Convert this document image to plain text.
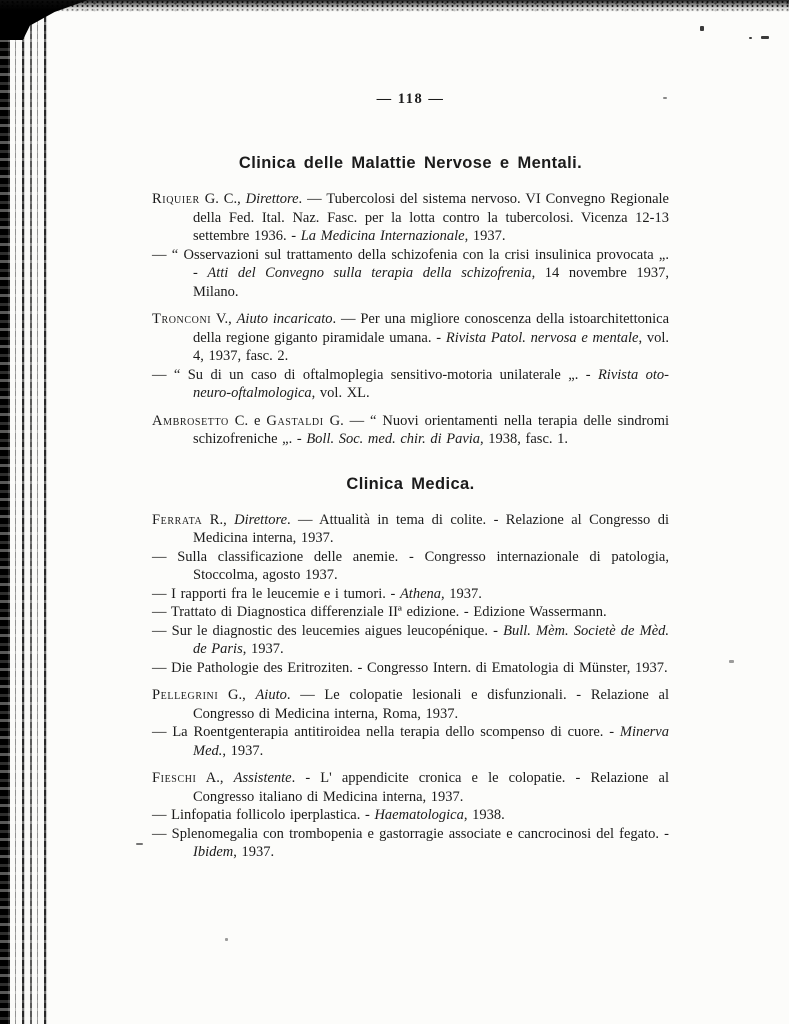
— 118 —
Clinica delle Malattie Nervose e Mentali.

Riquier G. C., Direttore. — Tubercolosi del sistema nervoso. VI Convegno Regionale della Fed. Ital. Naz. Fasc. per la lotta contro la tubercolosi. Vicenza 12-13 settembre 1936. - La Medicina Internazionale, 1937.

— “ Osservazioni sul trattamento della schizofenia con la crisi insulinica provocata „. - Atti del Convegno sulla terapia della schizofrenia, 14 novembre 1937, Milano.

Tronconi V., Aiuto incaricato. — Per una migliore conoscenza della istoarchitettonica della regione giganto piramidale umana. - Rivista Patol. nervosa e mentale, vol. 4, 1937, fasc. 2.

— “ Su di un caso di oftalmoplegia sensitivo-motoria unilaterale „. - Rivista oto-neuro-oftalmologica, vol. XL.

Ambrosetto C. e Gastaldi G. — “ Nuovi orientamenti nella terapia delle sindromi schizofreniche „. - Boll. Soc. med. chir. di Pavia, 1938, fasc. 1.

Clinica Medica.

Ferrata R., Direttore. — Attualità in tema di colite. - Relazione al Congresso di Medicina interna, 1937.

— Sulla classificazione delle anemie. - Congresso internazionale di patologia, Stoccolma, agosto 1937.

— I rapporti fra le leucemie e i tumori. - Athena, 1937.

— Trattato di Diagnostica differenziale IIª edizione. - Edizione Wassermann.

— Sur le diagnostic des leucemies aigues leucopénique. - Bull. Mèm. Societè de Mèd. de Paris, 1937.

— Die Pathologie des Eritroziten. - Congresso Intern. di Ematologia di Münster, 1937.

Pellegrini G., Aiuto. — Le colopatie lesionali e disfunzionali. - Relazione al Congresso di Medicina interna, Roma, 1937.

— La Roentgenterapia antitiroidea nella terapia dello scompenso di cuore. - Minerva Med., 1937.

Fieschi A., Assistente. - L' appendicite cronica e le colopatie. - Relazione al Congresso italiano di Medicina interna, 1937.

— Linfopatia follicolo iperplastica. - Haematologica, 1938.

— Splenomegalia con trombopenia e gastorragie associate e cancrocinosi del fegato. - Ibidem, 1937.
